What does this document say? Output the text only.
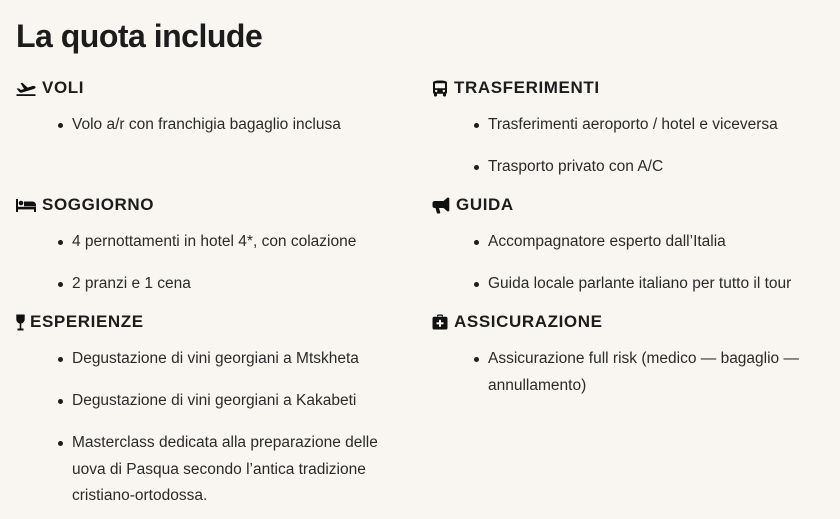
La quota include
VOLI
Volo a/r con franchigia bagaglio inclusa
TRASFERIMENTI
Trasferimenti aeroporto / hotel e viceversa
Trasporto privato con A/C
SOGGIORNO
4 pernottamenti in hotel 4*, con colazione
2 pranzi e 1 cena
GUIDA
Accompagnatore esperto dall’Italia
Guida locale parlante italiano per tutto il tour
ESPERIENZE
Degustazione di vini georgiani a Mtskheta
Degustazione di vini georgiani a Kakabeti
Masterclass dedicata alla preparazione delle uova di Pasqua secondo l’antica tradizione cristiano-ortodossa.
ASSICURAZIONE
Assicurazione full risk (medico — bagaglio — annullamento)
